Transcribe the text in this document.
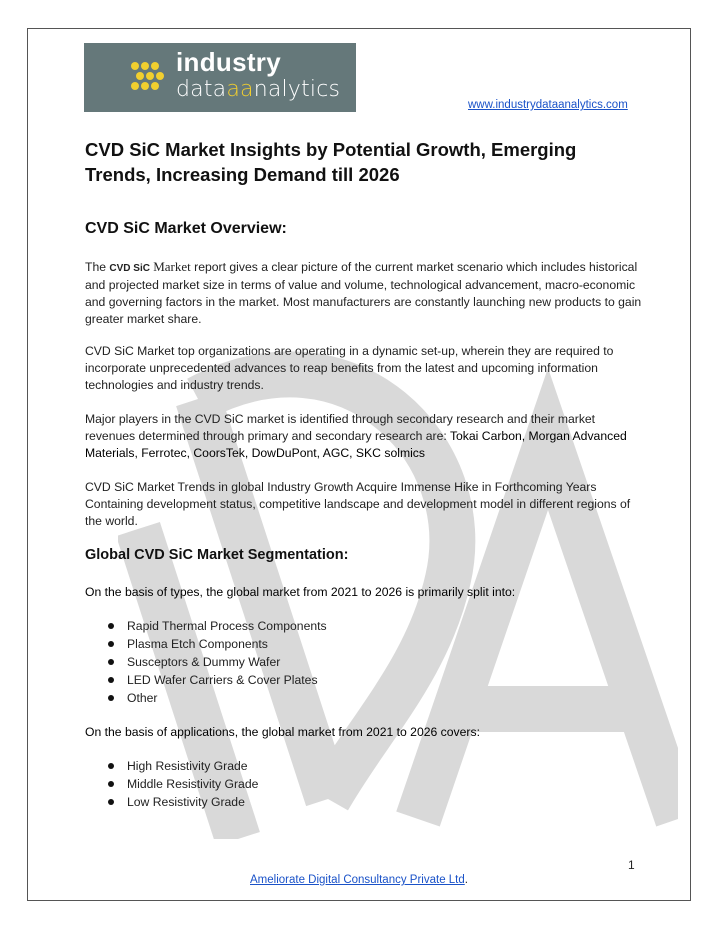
industry
dataaanalytics
www.industrydataanalytics.com
CVD SiC Market Insights by Potential Growth, Emerging Trends, Increasing Demand till 2026
CVD SiC Market Overview:
The CVD SiC Market report gives a clear picture of the current market scenario which includes historical and projected market size in terms of value and volume, technological advancement, macro-economic and governing factors in the market. Most manufacturers are constantly launching new products to gain greater market share.
CVD SiC Market top organizations are operating in a dynamic set-up, wherein they are required to incorporate unprecedented advances to reap benefits from the latest and upcoming information technologies and industry trends.
Major players in the CVD SiC market is identified through secondary research and their market revenues determined through primary and secondary research are: Tokai Carbon, Morgan Advanced Materials, Ferrotec, CoorsTek, DowDuPont, AGC, SKC solmics
CVD SiC Market Trends in global Industry Growth Acquire Immense Hike in Forthcoming Years Containing development status, competitive landscape and development model in different regions of the world.
Global CVD SiC Market Segmentation:
On the basis of types, the global market from 2021 to 2026 is primarily split into:
Rapid Thermal Process Components
Plasma Etch Components
Susceptors & Dummy Wafer
LED Wafer Carriers & Cover Plates
Other
On the basis of applications, the global market from 2021 to 2026 covers:
High Resistivity Grade
Middle Resistivity Grade
Low Resistivity Grade
1
Ameliorate Digital Consultancy Private Ltd.
